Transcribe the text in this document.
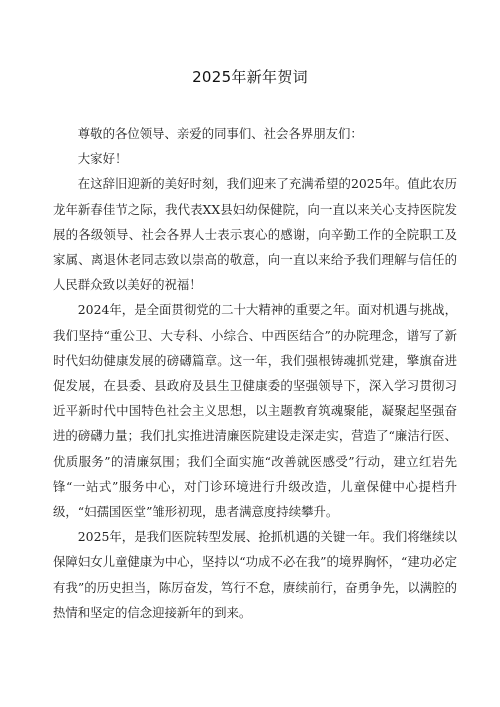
2025年新年贺词

尊敬的各位领导、亲爱的同事们、社会各界朋友们：

大家好！

在这辞旧迎新的美好时刻，我们迎来了充满希望的2025年。值此农历龙年新春佳节之际，我代表XX县妇幼保健院，向一直以来关心支持医院发展的各级领导、社会各界人士表示衷心的感谢，向辛勤工作的全院职工及家属、离退休老同志致以崇高的敬意，向一直以来给予我们理解与信任的人民群众致以美好的祝福！

2024年，是全面贯彻党的二十大精神的重要之年。面对机遇与挑战，我们坚持“重公卫、大专科、小综合、中西医结合”的办院理念，谱写了新时代妇幼健康发展的磅礴篇章。这一年，我们强根铸魂抓党建，擎旗奋进促发展，在县委、县政府及县生卫健康委的坚强领导下，深入学习贯彻习近平新时代中国特色社会主义思想，以主题教育筑魂聚能，凝聚起坚强奋进的磅礴力量；我们扎实推进清廉医院建设走深走实，营造了“廉洁行医、优质服务”的清廉氛围；我们全面实施“改善就医感受”行动，建立红岩先锋“一站式”服务中心，对门诊环境进行升级改造，儿童保健中心提档升级，“妇孺国医堂”雏形初现，患者满意度持续攀升。

2025年，是我们医院转型发展、抢抓机遇的关键一年。我们将继续以保障妇女儿童健康为中心，坚持以“功成不必在我”的境界胸怀，“建功必定有我”的历史担当，陈厉奋发，笃行不怠，赓续前行，奋勇争先，以满腔的热情和坚定的信念迎接新年的到来。
